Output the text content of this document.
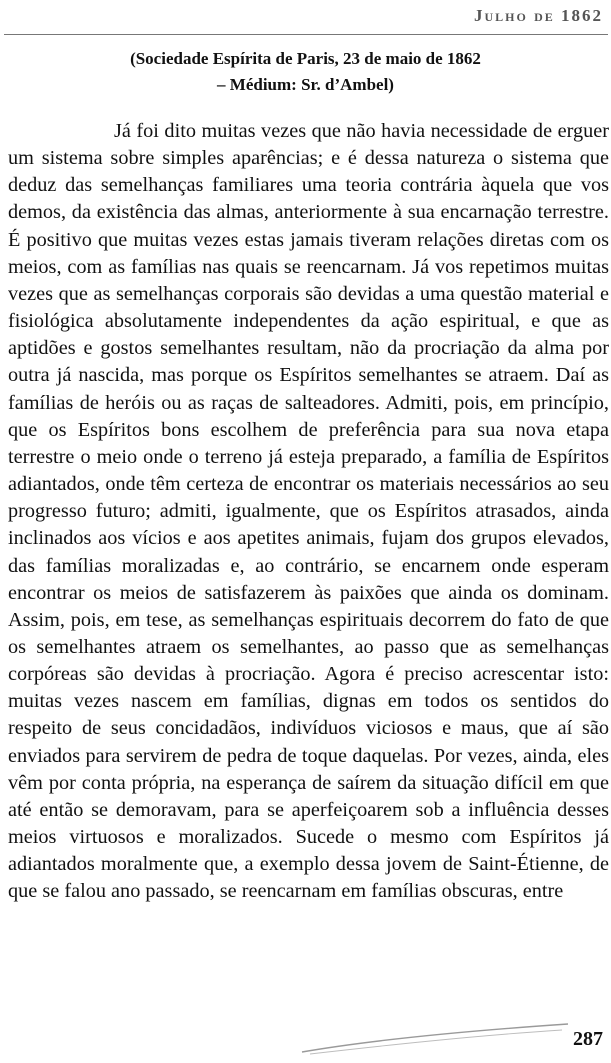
Julho de 1862
(Sociedade Espírita de Paris, 23 de maio de 1862
– Médium: Sr. d’Ambel)

Já foi dito muitas vezes que não havia necessidade de erguer um sistema sobre simples aparências; e é dessa natureza o sistema que deduz das semelhanças familiares uma teoria contrária àquela que vos demos, da existência das almas, anteriormente à sua encarnação terrestre. É positivo que muitas vezes estas jamais tiveram relações diretas com os meios, com as famílias nas quais se reencarnam. Já vos repetimos muitas vezes que as semelhanças corporais são devidas a uma questão material e fisiológica absolutamente independentes da ação espiritual, e que as aptidões e gostos semelhantes resultam, não da procriação da alma por outra já nascida, mas porque os Espíritos semelhantes se atraem. Daí as famílias de heróis ou as raças de salteadores. Admiti, pois, em princípio, que os Espíritos bons escolhem de preferência para sua nova etapa terrestre o meio onde o terreno já esteja preparado, a família de Espíritos adiantados, onde têm certeza de encontrar os materiais necessários ao seu progresso futuro; admiti, igualmente, que os Espíritos atrasados, ainda inclinados aos vícios e aos apetites animais, fujam dos grupos elevados, das famílias moralizadas e, ao contrário, se encarnem onde esperam encontrar os meios de satisfazerem às paixões que ainda os dominam. Assim, pois, em tese, as semelhanças espirituais decorrem do fato de que os semelhantes atraem os semelhantes, ao passo que as semelhanças corpóreas são devidas à procriação. Agora é preciso acrescentar isto: muitas vezes nascem em famílias, dignas em todos os sentidos do respeito de seus concidadãos, indivíduos viciosos e maus, que aí são enviados para servirem de pedra de toque daquelas. Por vezes, ainda, eles vêm por conta própria, na esperança de saírem da situação difícil em que até então se demoravam, para se aperfeiçoarem sob a influência desses meios virtuosos e moralizados. Sucede o mesmo com Espíritos já adiantados moralmente que, a exemplo dessa jovem de Saint-Étienne, de que se falou ano passado, se reencarnam em famílias obscuras, entre

287
